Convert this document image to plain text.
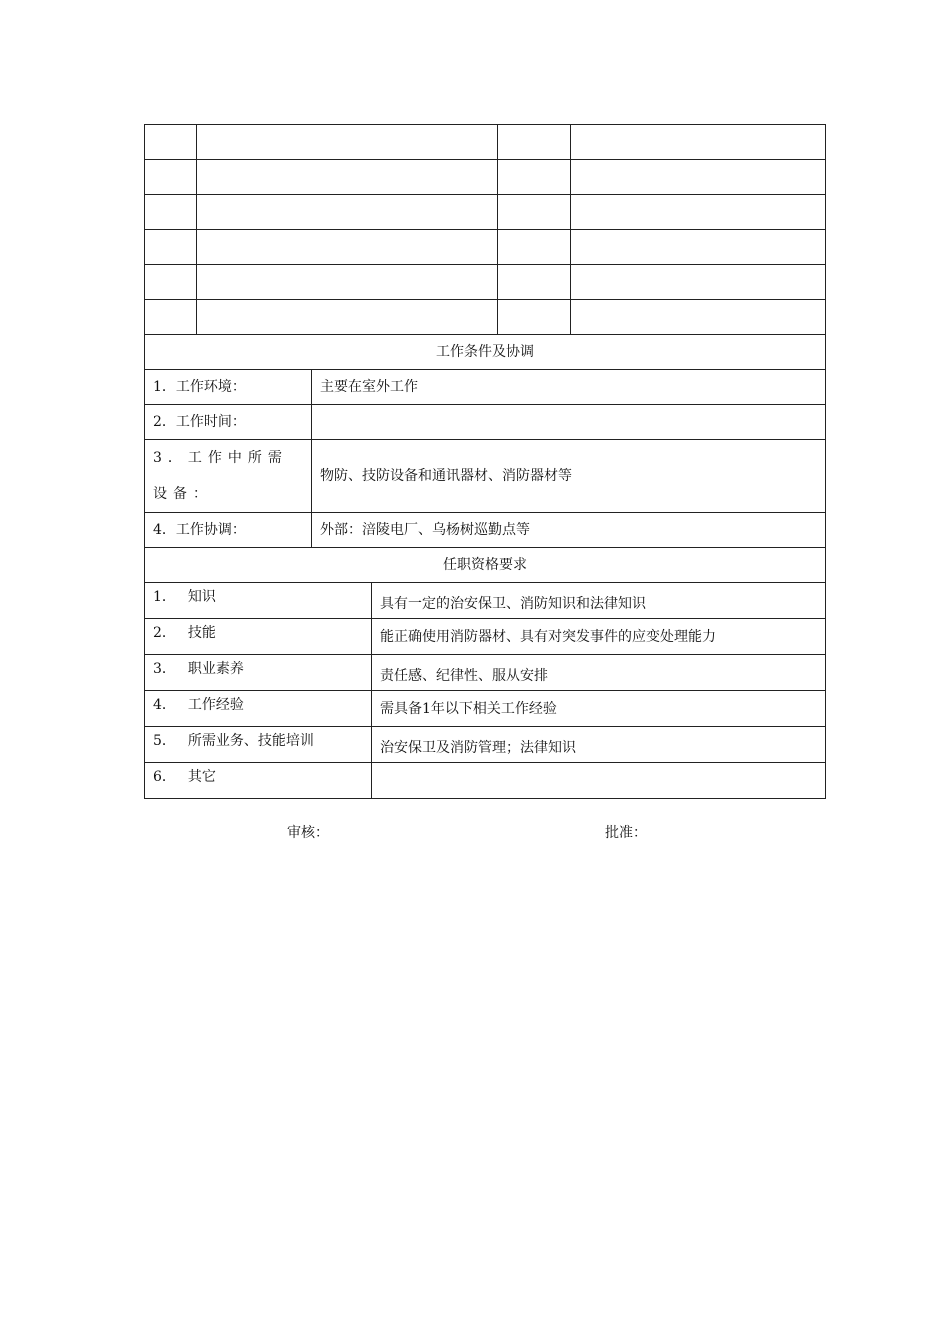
工作条件及协调	
1．工作环境：	主要在室外工作
2．工作时间：	
3．工作中所需设备：	物防、技防设备和通讯器材、消防器材等
4．工作协调：	外部：涪陵电厂、乌杨树巡勤点等
任职资格要求	
1． 知识	具有一定的治安保卫、消防知识和法律知识
2． 技能	能正确使用消防器材、具有对突发事件的应变处理能力
3． 职业素养	责任感、纪律性、服从安排
4． 工作经验	需具备1年以下相关工作经验
5． 所需业务、技能培训	治安保卫及消防管理；法律知识
6． 其它	
审核：	批准：
